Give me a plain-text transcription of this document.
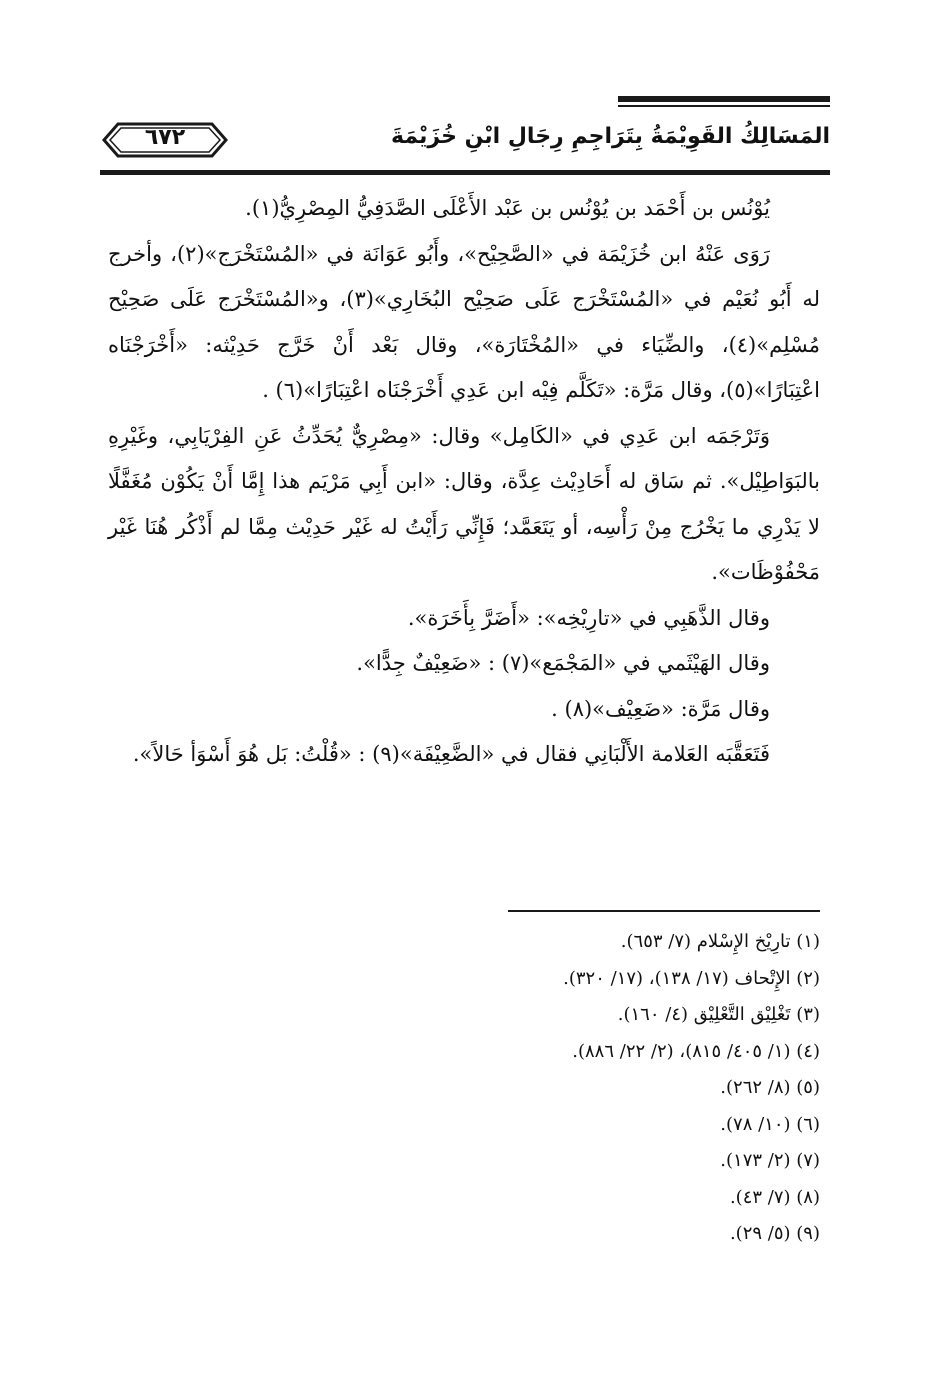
المَسَالِكُ القَوِيْمَةُ بِتَرَاجِمِ رِجَالِ ابْنِ خُزَيْمَةَ
٦٧٢

يُوْنُس بن أَحْمَد بن يُوْنُس بن عَبْد الأَعْلَى الصَّدَفِيُّ المِصْرِيُّ(١).

رَوَى عَنْهُ ابن خُزَيْمَة في «الصَّحِيْح»، وأَبُو عَوَانَة في «المُسْتَخْرَج»(٢)، وأخرج له أَبُو نُعَيْم في «المُسْتَخْرَج عَلَى صَحِيْح البُخَارِي»(٣)، و«المُسْتَخْرَج عَلَى صَحِيْح مُسْلِم»(٤)، والضِّيَاء في «المُخْتَارَة»، وقال بَعْد أَنْ خَرَّج حَدِيْثه: «أَخْرَجْنَاه اعْتِبَارًا»(٥)، وقال مَرَّة: «تَكَلَّم فِيْه ابن عَدِي أَخْرَجْنَاه اعْتِبَارًا»(٦) .

وَتَرْجَمَه ابن عَدِي في «الكَامِل» وقال: «مِصْرِيٌّ يُحَدِّثُ عَنِ الفِرْيَابِي، وغَيْرِهِ بالبَوَاطِيْل». ثم سَاق له أَحَادِيْث عِدَّة، وقال: «ابن أَبِي مَرْيَم هذا إِمَّا أَنْ يَكُوْن مُغَفَّلًا لا يَدْرِي ما يَخْرُج مِنْ رَأْسِه، أو يَتَعَمَّد؛ فَإِنِّي رَأَيْتُ له غَيْر حَدِيْث مِمَّا لم أَذْكُر هُنَا غَيْر مَحْفُوْظَات».

وقال الذَّهَبِي في «تارِيْخِه»: «أَضَرَّ بِأَخَرَة».

وقال الهَيْثَمي في «المَجْمَع»(٧) : «ضَعِيْفٌ جِدًّا».

وقال مَرَّة: «ضَعِيْف»(٨) .

فَتَعَقَّبَه العَلامة الأَلْبَانِي فقال في «الضَّعِيْفَة»(٩) : «قُلْتُ: بَل هُوَ أَسْوَأ حَالاً».

(١) تارِيْخ الإِسْلام (٧/ ٦٥٣).
(٢) الإِتْحاف (١٧/ ١٣٨)، (١٧/ ٣٢٠).
(٣) تَغْلِيْق التَّعْلِيْق (٤/ ١٦٠).
(٤) (١/ ٤٠٥/ ٨١٥)، (٢/ ٢٢/ ٨٨٦).
(٥) (٨/ ٢٦٢).
(٦) (١٠/ ٧٨).
(٧) (٢/ ١٧٣).
(٨) (٧/ ٤٣).
(٩) (٥/ ٢٩).
